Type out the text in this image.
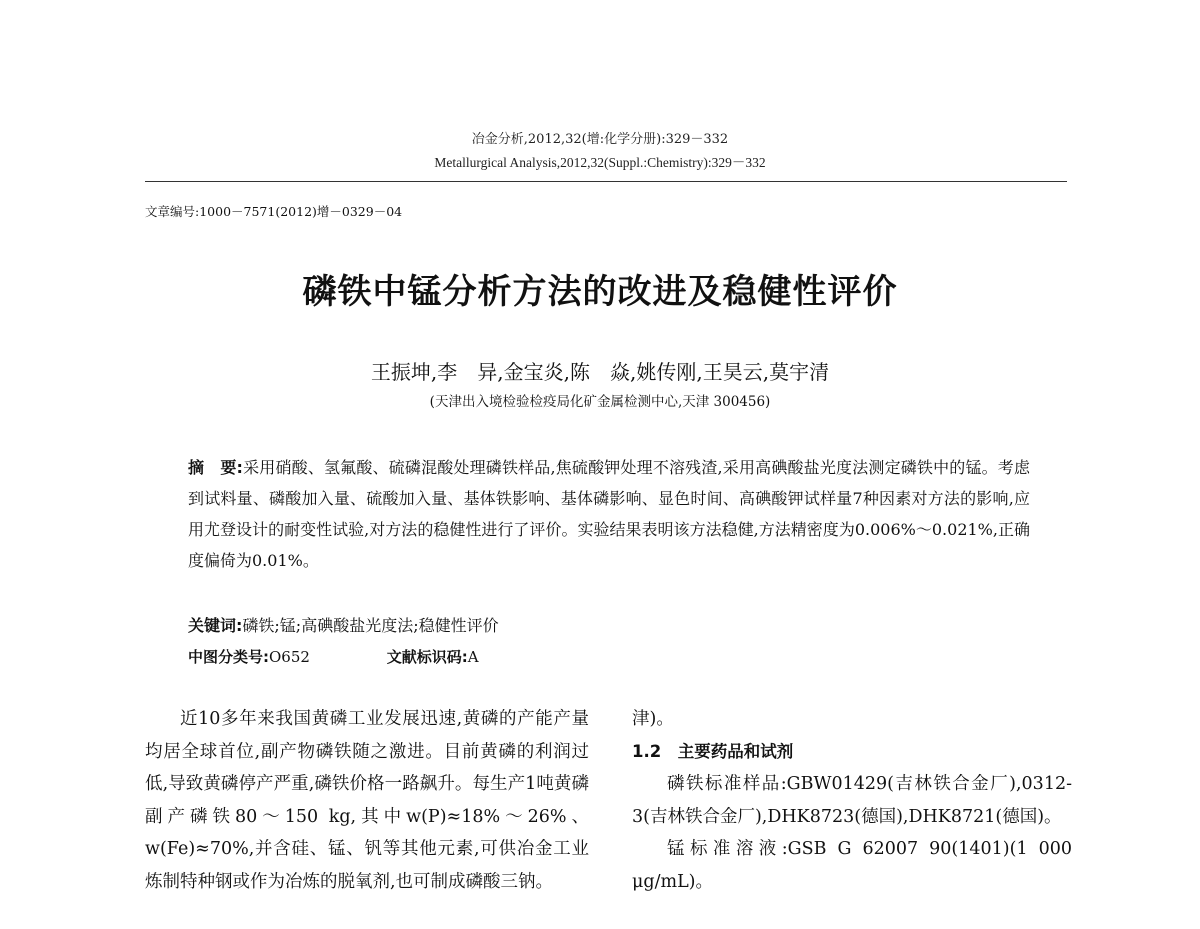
冶金分析,2012,32(增:化学分册):329－332
Metallurgical Analysis,2012,32(Suppl.:Chemistry):329－332
文章编号:1000－7571(2012)增－0329－04
磷铁中锰分析方法的改进及稳健性评价
王振坤,李　异,金宝炎,陈　焱,姚传刚,王昊云,莫宇清
(天津出入境检验检疫局化矿金属检测中心,天津 300456)

摘　要:采用硝酸、氢氟酸、硫磷混酸处理磷铁样品,焦硫酸钾处理不溶残渣,采用高碘酸盐光度法测定磷铁中的锰。考虑到试料量、磷酸加入量、硫酸加入量、基体铁影响、基体磷影响、显色时间、高碘酸钾试样量7种因素对方法的影响,应用尤登设计的耐变性试验,对方法的稳健性进行了评价。实验结果表明该方法稳健,方法精密度为0.006%～0.021%,正确度偏倚为0.01%。

关键词:磷铁;锰;高碘酸盐光度法;稳健性评价
中图分类号:O652	文献标识码:A

近10多年来我国黄磷工业发展迅速,黄磷的产能产量均居全球首位,副产物磷铁随之激进。目前黄磷的利润过低,导致黄磷停产严重,磷铁价格一路飙升。每生产1吨黄磷副产磷铁80～150 kg,其中w(P)≈18%～26%、w(Fe)≈70%,并含硅、锰、钒等其他元素,可供冶金工业炼制特种钢或作为冶炼的脱氧剂,也可制成磷酸三钠。

津)。

1.2　主要药品和试剂

磷铁标准样品:GBW01429(吉林铁合金厂),0312-3(吉林铁合金厂),DHK8723(德国),DHK8721(德国)。

锰标准溶液:GSB G 62007 90(1401)(1 000 μg/mL)。
